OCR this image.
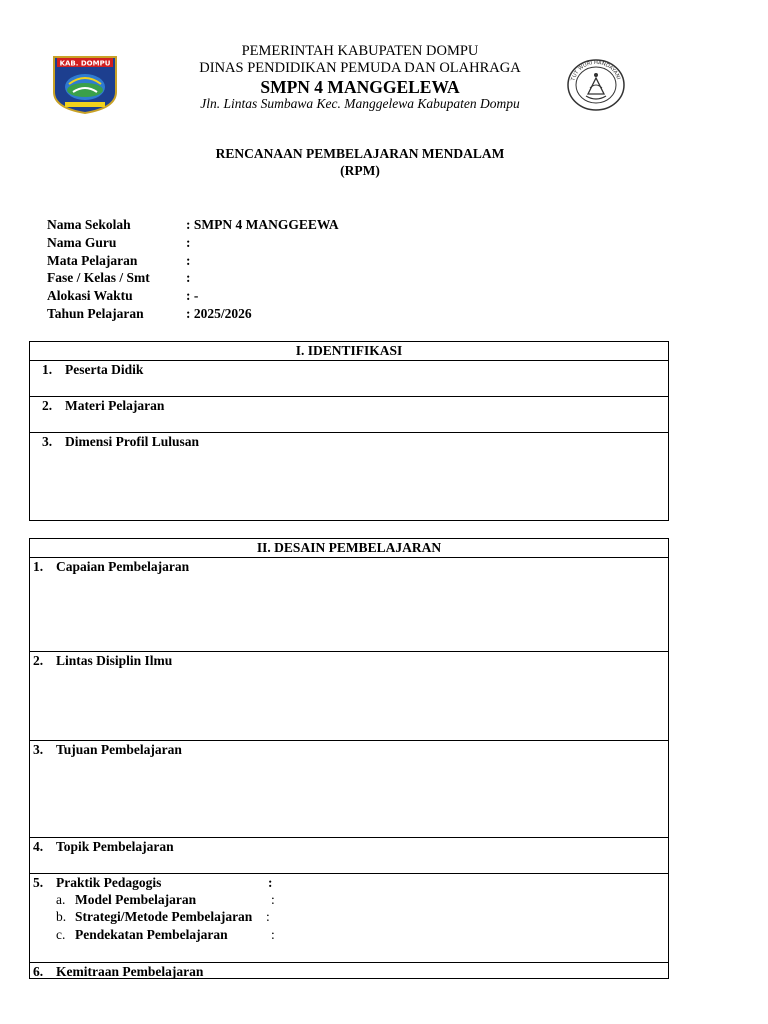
KAB. DOMPU
TUT WURI HANDAYANI
PEMERINTAH KABUPATEN DOMPU
DINAS PENDIDIKAN PEMUDA DAN OLAHRAGA
SMPN 4 MANGGELEWA
Jln. Lintas Sumbawa Kec. Manggelewa Kabupaten Dompu
RENCANAAN PEMBELAJARAN MENDALAM
(RPM)
Nama Sekolah	: SMPN 4 MANGGEEWA
Nama Guru	:
Mata Pelajaran	:
Fase / Kelas / Smt	:
Alokasi Waktu	: -
Tahun Pelajaran	: 2025/2026
I. IDENTIFIKASI
1. Peserta Didik
2. Materi Pelajaran
3. Dimensi Profil Lulusan
II. DESAIN PEMBELAJARAN
1. Capaian Pembelajaran
2. Lintas Disiplin Ilmu
3. Tujuan Pembelajaran
4. Topik Pembelajaran
5. Praktik Pedagogis	:
a. Model Pembelajaran	:
b. Strategi/Metode Pembelajaran :
c. Pendekatan Pembelajaran	:
6. Kemitraan Pembelajaran
